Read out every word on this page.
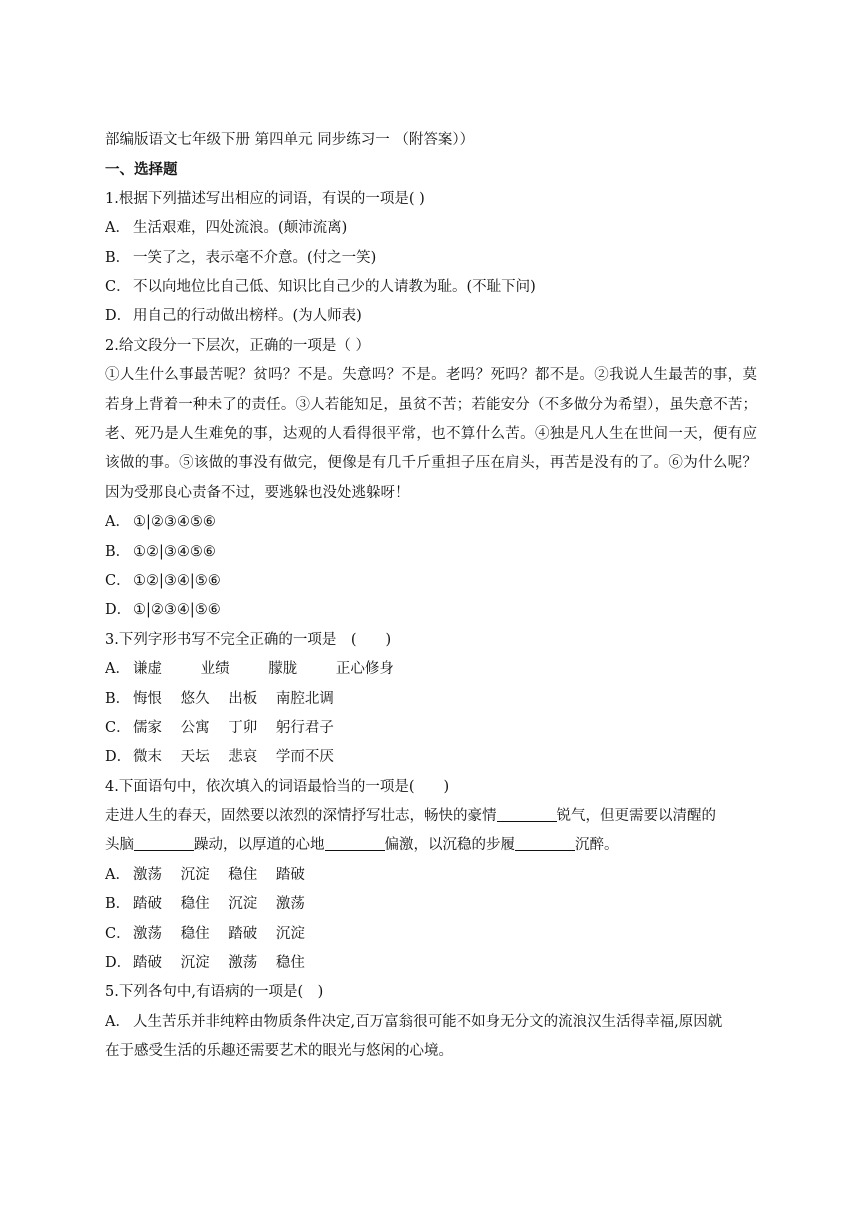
部编版语文七年级下册 第四单元 同步练习一 （附答案））
一、选择题
1.根据下列描述写出相应的词语，有误的一项是( )
A． 生活艰难，四处流浪。(颠沛流离)
B． 一笑了之，表示毫不介意。(付之一笑)
C． 不以向地位比自己低、知识比自己少的人请教为耻。(不耻下问)
D． 用自己的行动做出榜样。(为人师表)
2.给文段分一下层次，正确的一项是（ ）
①人生什么事最苦呢？贫吗？不是。失意吗？不是。老吗？死吗？都不是。②我说人生最苦的事，莫若身上背着一种未了的责任。③人若能知足，虽贫不苦；若能安分（不多做分为希望），虽失意不苦；老、死乃是人生难免的事，达观的人看得很平常，也不算什么苦。④独是凡人生在世间一天，便有应该做的事。⑤该做的事没有做完，便像是有几千斤重担子压在肩头，再苦是没有的了。⑥为什么呢？因为受那良心责备不过，要逃躲也没处逃躲呀！
A． ①|②③④⑤⑥
B． ①②|③④⑤⑥
C． ①②|③④|⑤⑥
D． ①|②③④|⑤⑥
3.下列字形书写不完全正确的一项是　(　　)
A． 谦虚	业绩	朦胧	正心修身
B． 悔恨 悠久 出板 南腔北调
C． 儒家 公寓 丁卯 躬行君子
D． 微末 天坛 悲哀 学而不厌
4.下面语句中，依次填入的词语最恰当的一项是(　　)
走进人生的春天，固然要以浓烈的深情抒写壮志，畅快的豪情	锐气，但更需要以清醒的
头脑	躁动，以厚道的心地	偏激，以沉稳的步履	沉醉。
A． 激荡 沉淀 稳住 踏破
B． 踏破 稳住 沉淀 激荡
C． 激荡 稳住 踏破 沉淀
D． 踏破 沉淀 激荡 稳住
5.下列各句中,有语病的一项是(　)
A． 人生苦乐并非纯粹由物质条件决定,百万富翁很可能不如身无分文的流浪汉生活得幸福,原因就
在于感受生活的乐趣还需要艺术的眼光与悠闲的心境。
